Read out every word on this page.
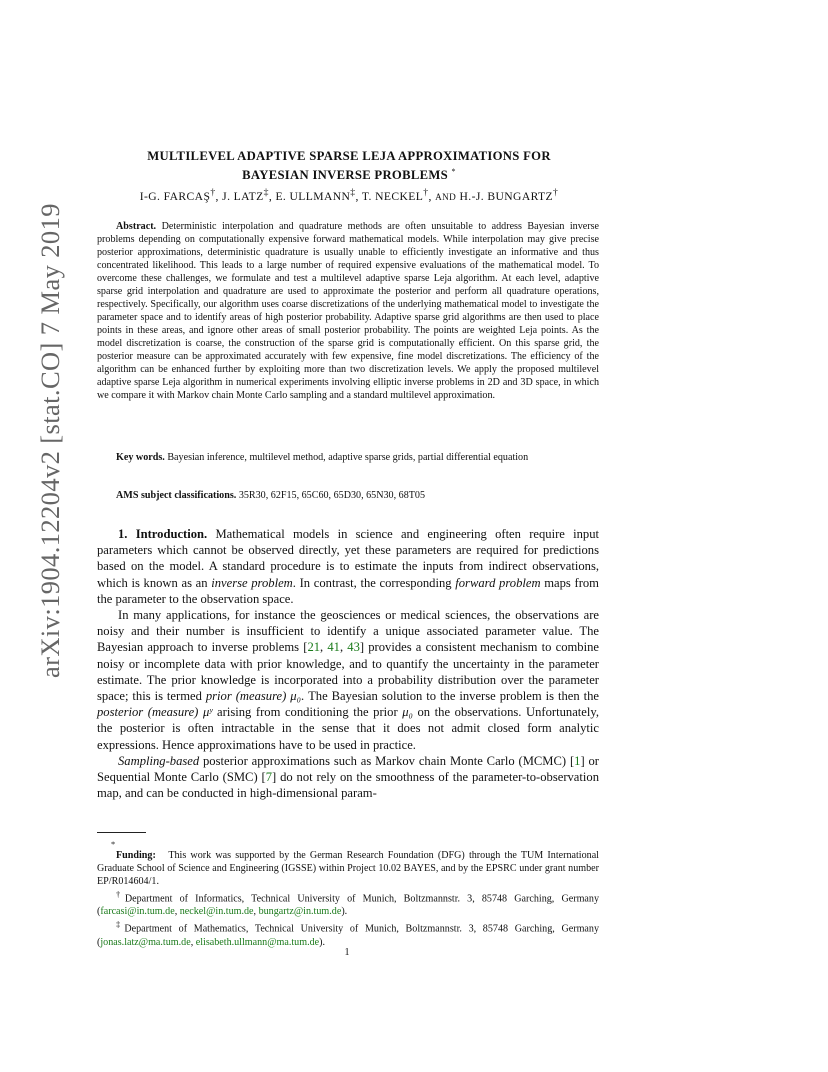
arXiv:1904.12204v2 [stat.CO] 7 May 2019
MULTILEVEL ADAPTIVE SPARSE LEJA APPROXIMATIONS FOR
BAYESIAN INVERSE PROBLEMS *
I-G. FARCAŞ†, J. LATZ‡, E. ULLMANN‡, T. NECKEL†, AND H.-J. BUNGARTZ†
Abstract. Deterministic interpolation and quadrature methods are often unsuitable to address Bayesian inverse problems depending on computationally expensive forward mathematical models. While interpolation may give precise posterior approximations, deterministic quadrature is usually unable to efficiently investigate an informative and thus concentrated likelihood. This leads to a large number of required expensive evaluations of the mathematical model. To overcome these challenges, we formulate and test a multilevel adaptive sparse Leja algorithm. At each level, adaptive sparse grid interpolation and quadrature are used to approximate the posterior and perform all quadrature operations, respectively. Specifically, our algorithm uses coarse discretizations of the underlying mathematical model to investigate the parameter space and to identify areas of high posterior probability. Adaptive sparse grid algorithms are then used to place points in these areas, and ignore other areas of small posterior probability. The points are weighted Leja points. As the model discretization is coarse, the construction of the sparse grid is computationally efficient. On this sparse grid, the posterior measure can be approximated accurately with few expensive, fine model discretizations. The efficiency of the algorithm can be enhanced further by exploiting more than two discretization levels. We apply the proposed multilevel adaptive sparse Leja algorithm in numerical experiments involving elliptic inverse problems in 2D and 3D space, in which we compare it with Markov chain Monte Carlo sampling and a standard multilevel approximation.
Key words. Bayesian inference, multilevel method, adaptive sparse grids, partial differential equation
AMS subject classifications. 35R30, 62F15, 65C60, 65D30, 65N30, 68T05

1. Introduction. Mathematical models in science and engineering often require input parameters which cannot be observed directly, yet these parameters are required for predictions based on the model. A standard procedure is to estimate the inputs from indirect observations, which is known as an inverse problem. In contrast, the corresponding forward problem maps from the parameter to the observation space.

In many applications, for instance the geosciences or medical sciences, the observations are noisy and their number is insufficient to identify a unique associated parameter value. The Bayesian approach to inverse problems [21, 41, 43] provides a consistent mechanism to combine noisy or incomplete data with prior knowledge, and to quantify the uncertainty in the parameter estimate. The prior knowledge is incorporated into a probability distribution over the parameter space; this is termed prior (measure) μ₀. The Bayesian solution to the inverse problem is then the posterior (measure) μʸ arising from conditioning the prior μ₀ on the observations. Unfortunately, the posterior is often intractable in the sense that it does not admit closed form analytic expressions. Hence approximations have to be used in practice.

Sampling-based posterior approximations such as Markov chain Monte Carlo (MCMC) [1] or Sequential Monte Carlo (SMC) [7] do not rely on the smoothness of the parameter-to-observation map, and can be conducted in high-dimensional param-

*

Funding: This work was supported by the German Research Foundation (DFG) through the TUM International Graduate School of Science and Engineering (IGSSE) within Project 10.02 BAYES, and by the EPSRC under grant number EP/R014604/1.

†Department of Informatics, Technical University of Munich, Boltzmannstr. 3, 85748 Garching, Germany (farcasi@in.tum.de, neckel@in.tum.de, bungartz@in.tum.de).

‡Department of Mathematics, Technical University of Munich, Boltzmannstr. 3, 85748 Garching, Germany (jonas.latz@ma.tum.de, elisabeth.ullmann@ma.tum.de).

1
